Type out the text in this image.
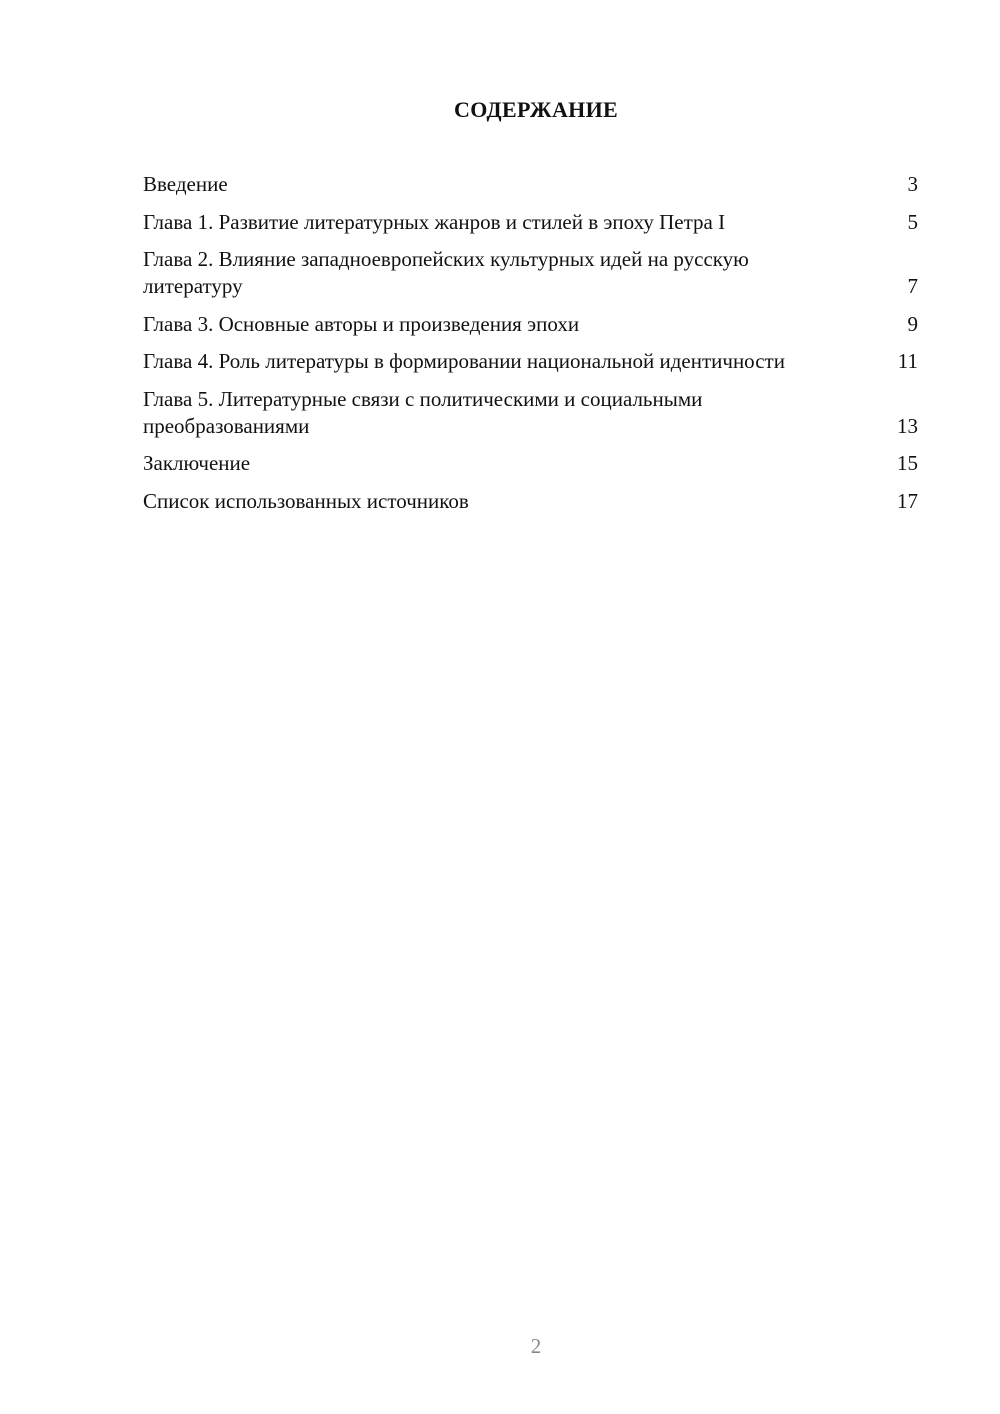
СОДЕРЖАНИЕ
Введение	3
Глава 1. Развитие литературных жанров и стилей в эпоху Петра I	5
Глава 2. Влияние западноевропейских культурных идей на русскую литературу	7
Глава 3. Основные авторы и произведения эпохи	9
Глава 4. Роль литературы в формировании национальной идентичности	11
Глава 5. Литературные связи с политическими и социальными преобразованиями	13
Заключение	15
Список использованных источников	17
2
